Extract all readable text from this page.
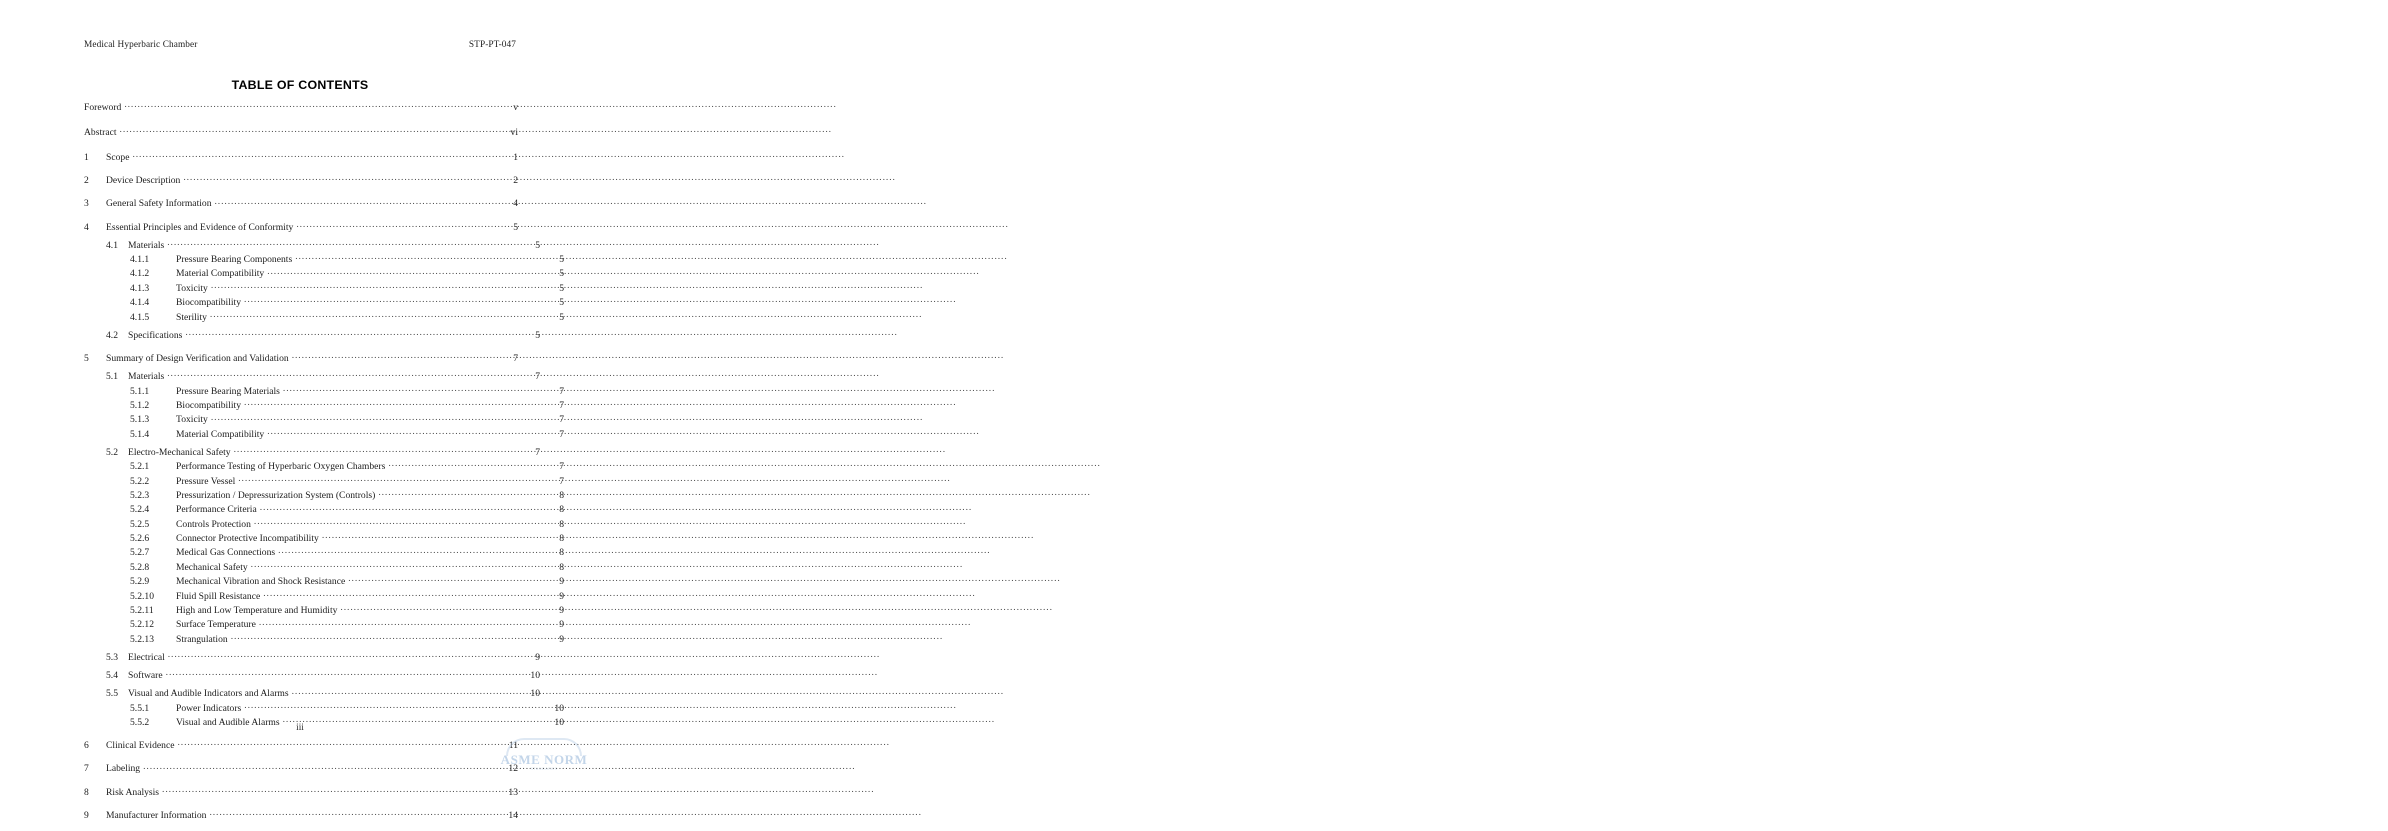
Medical Hyperbaric Chamber	STP-PT-047
TABLE OF CONTENTS
Foreword .....	v
Abstract .....	vi
1	Scope .....	1
2	Device Description .....	2
3	General Safety Information .....	4
4	Essential Principles and Evidence of Conformity .....	5
4.1	Materials .....	5
4.1.1	Pressure Bearing Components .....	5
4.1.2	Material Compatibility .....	5
4.1.3	Toxicity .....	5
4.1.4	Biocompatibility .....	5
4.1.5	Sterility .....	5
4.2	Specifications .....	5
5	Summary of Design Verification and Validation .....	7
5.1	Materials .....	7
5.1.1	Pressure Bearing Materials .....	7
5.1.2	Biocompatibility .....	7
5.1.3	Toxicity .....	7
5.1.4	Material Compatibility .....	7
5.2	Electro-Mechanical Safety .....	7
5.2.1	Performance Testing of Hyperbaric Oxygen Chambers .....	7
5.2.2	Pressure Vessel .....	7
5.2.3	Pressurization / Depressurization System (Controls) .....	8
5.2.4	Performance Criteria .....	8
5.2.5	Controls Protection .....	8
5.2.6	Connector Protective Incompatibility .....	8
5.2.7	Medical Gas Connections .....	8
5.2.8	Mechanical Safety .....	8
5.2.9	Mechanical Vibration and Shock Resistance .....	9
5.2.10	Fluid Spill Resistance .....	9
5.2.11	High and Low Temperature and Humidity .....	9
5.2.12	Surface Temperature .....	9
5.2.13	Strangulation .....	9
5.3	Electrical .....	9
5.4	Software .....	10
5.5	Visual and Audible Indicators and Alarms .....	10
5.5.1	Power Indicators .....	10
5.5.2	Visual and Audible Alarms .....	10
6	Clinical Evidence .....	11
7	Labeling .....	12
8	Risk Analysis .....	13
9	Manufacturer Information .....	14
iii
ASME NORM
STANDARDS
